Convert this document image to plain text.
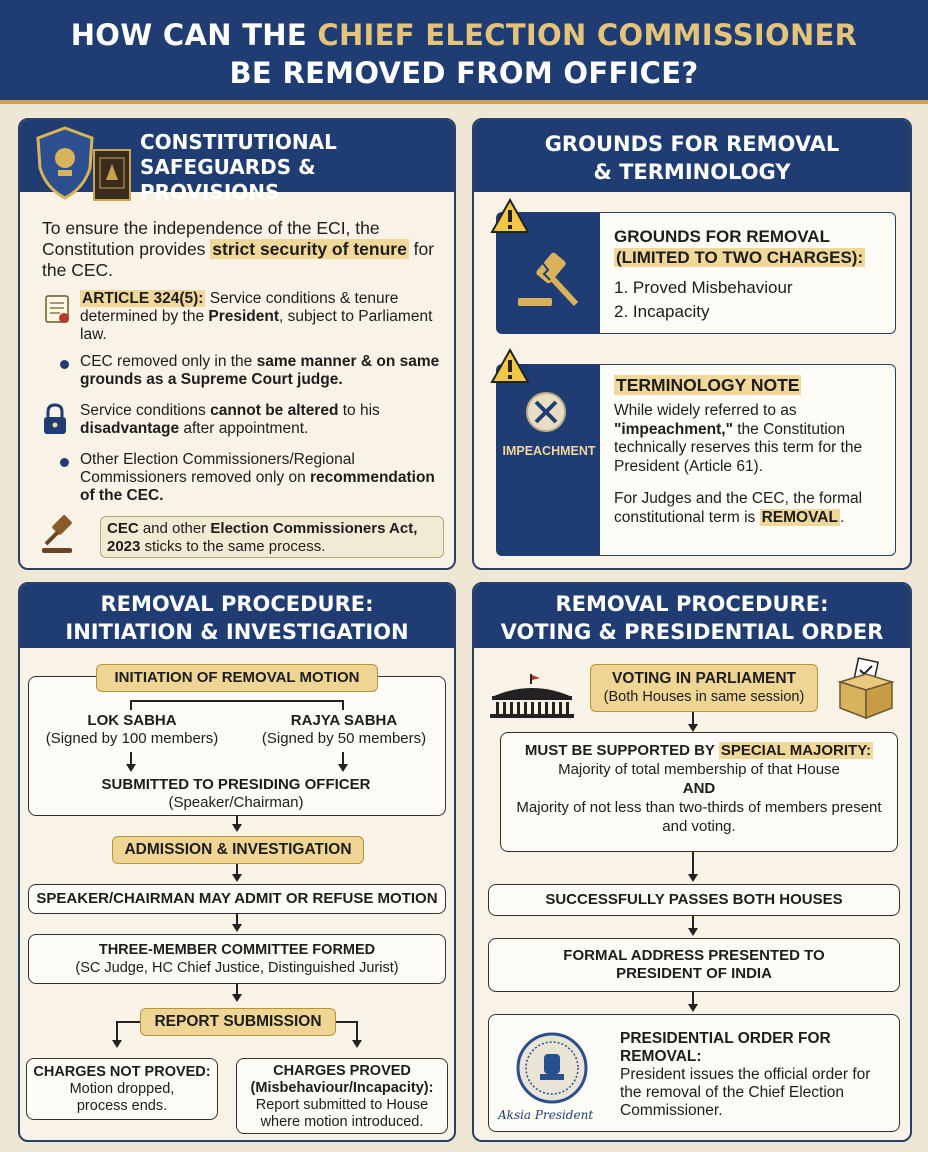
HOW CAN THE CHIEF ELECTION COMMISSIONER
BE REMOVED FROM OFFICE?
CONSTITUTIONAL
SAFEGUARDS & PROVISIONS
To ensure the independence of the ECI, the Constitution provides strict security of tenure for the CEC.
ARTICLE 324(5): Service conditions & tenure determined by the President, subject to Parliament law.
CEC removed only in the same manner & on same grounds as a Supreme Court judge.
Service conditions cannot be altered to his disadvantage after appointment.
Other Election Commissioners/Regional Commissioners removed only on recommendation of the CEC.
CEC and other Election Commissioners Act, 2023 sticks to the same process.
GROUNDS FOR REMOVAL
& TERMINOLOGY
GROUNDS FOR REMOVAL
(LIMITED TO TWO CHARGES):
1. Proved Misbehaviour
2. Incapacity
IMPEACHMENT
TERMINOLOGY NOTE
While widely referred to as "impeachment," the Constitution technically reserves this term for the President (Article 61).
For Judges and the CEC, the formal constitutional term is REMOVAL .
REMOVAL PROCEDURE:
INITIATION & INVESTIGATION
INITIATION OF REMOVAL MOTION
LOK SABHA
(Signed by 100 members)
RAJYA SABHA
(Signed by 50 members)
SUBMITTED TO PRESIDING OFFICER
(Speaker/Chairman)
ADMISSION & INVESTIGATION
SPEAKER/CHAIRMAN MAY ADMIT OR REFUSE MOTION
THREE-MEMBER COMMITTEE FORMED
(SC Judge, HC Chief Justice, Distinguished Jurist)
REPORT SUBMISSION
CHARGES NOT PROVED:
Motion dropped, process ends.
CHARGES PROVED
(Misbehaviour/Incapacity):
Report submitted to House where motion introduced.
REMOVAL PROCEDURE:
VOTING & PRESIDENTIAL ORDER
VOTING IN PARLIAMENT
(Both Houses in same session)
MUST BE SUPPORTED BY SPECIAL MAJORITY:
Majority of total membership of that House
AND
Majority of not less than two-thirds of members present and voting.
SUCCESSFULLY PASSES BOTH HOUSES
FORMAL ADDRESS PRESENTED TO
PRESIDENT OF INDIA
Aksia President
PRESIDENTIAL ORDER FOR REMOVAL:
President issues the official order for the removal of the Chief Election Commissioner.
